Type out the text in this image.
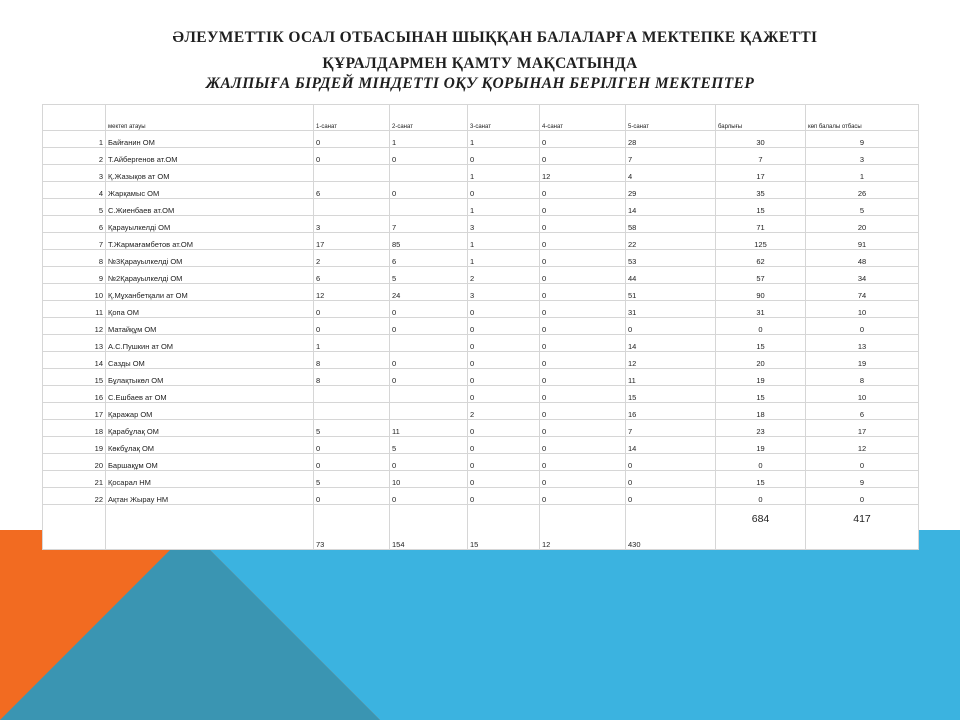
ӘЛЕУМЕТТІК ОСАЛ ОТБАСЫНАН ШЫҚҚАН БАЛАЛАРҒА МЕКТЕПКЕ ҚАЖЕТТІ
ҚҰРАЛДАРМЕН ҚАМТУ МАҚСАТЫНДА
ЖАЛПЫҒА БІРДЕЙ МІНДЕТТІ ОҚУ ҚОРЫНАН БЕРІЛГЕН МЕКТЕПТЕР
	мектеп атауы	1-санат	2-санат	3-санат	4-санат	5-санат	барлығы	көп балалы отбасы
1	Байғанин ОМ	0	1	1	0	28	30	9
2	Т.Айбергенов ат.ОМ	0	0	0	0	7	7	3
3	Қ.Жазықов ат ОМ			1	12	4	17	1
4	Жарқамыс ОМ	6	0	0	0	29	35	26
5	С.Жиенбаев ат.ОМ			1	0	14	15	5
6	Қарауылкелді ОМ	3	7	3	0	58	71	20
7	Т.Жармағамбетов ат.ОМ	17	85	1	0	22	125	91
8	№3Қарауылкелді ОМ	2	6	1	0	53	62	48
9	№2Қарауылкелді ОМ	6	5	2	0	44	57	34
10	Қ.Мұханбетқали ат ОМ	12	24	3	0	51	90	74
11	Қопа ОМ	0	0	0	0	31	31	10
12	Матайқұм ОМ	0	0	0	0	0	0	0
13	А.С.Пушкин ат ОМ	1		0	0	14	15	13
14	Сазды ОМ	8	0	0	0	12	20	19
15	Бұлақтыкөл ОМ	8	0	0	0	11	19	8
16	С.Ешбаев ат ОМ			0	0	15	15	10
17	Қаражар ОМ			2	0	16	18	6
18	Қарабұлақ ОМ	5	11	0	0	7	23	17
19	Көкбұлақ ОМ	0	5	0	0	14	19	12
20	Баршақұм ОМ	0	0	0	0	0	0	0
21	Қосарал НМ	5	10	0	0	0	15	9
22	Ақтан Жырау НМ	0	0	0	0	0	0	0
		73	154	15	12	430	684	417
